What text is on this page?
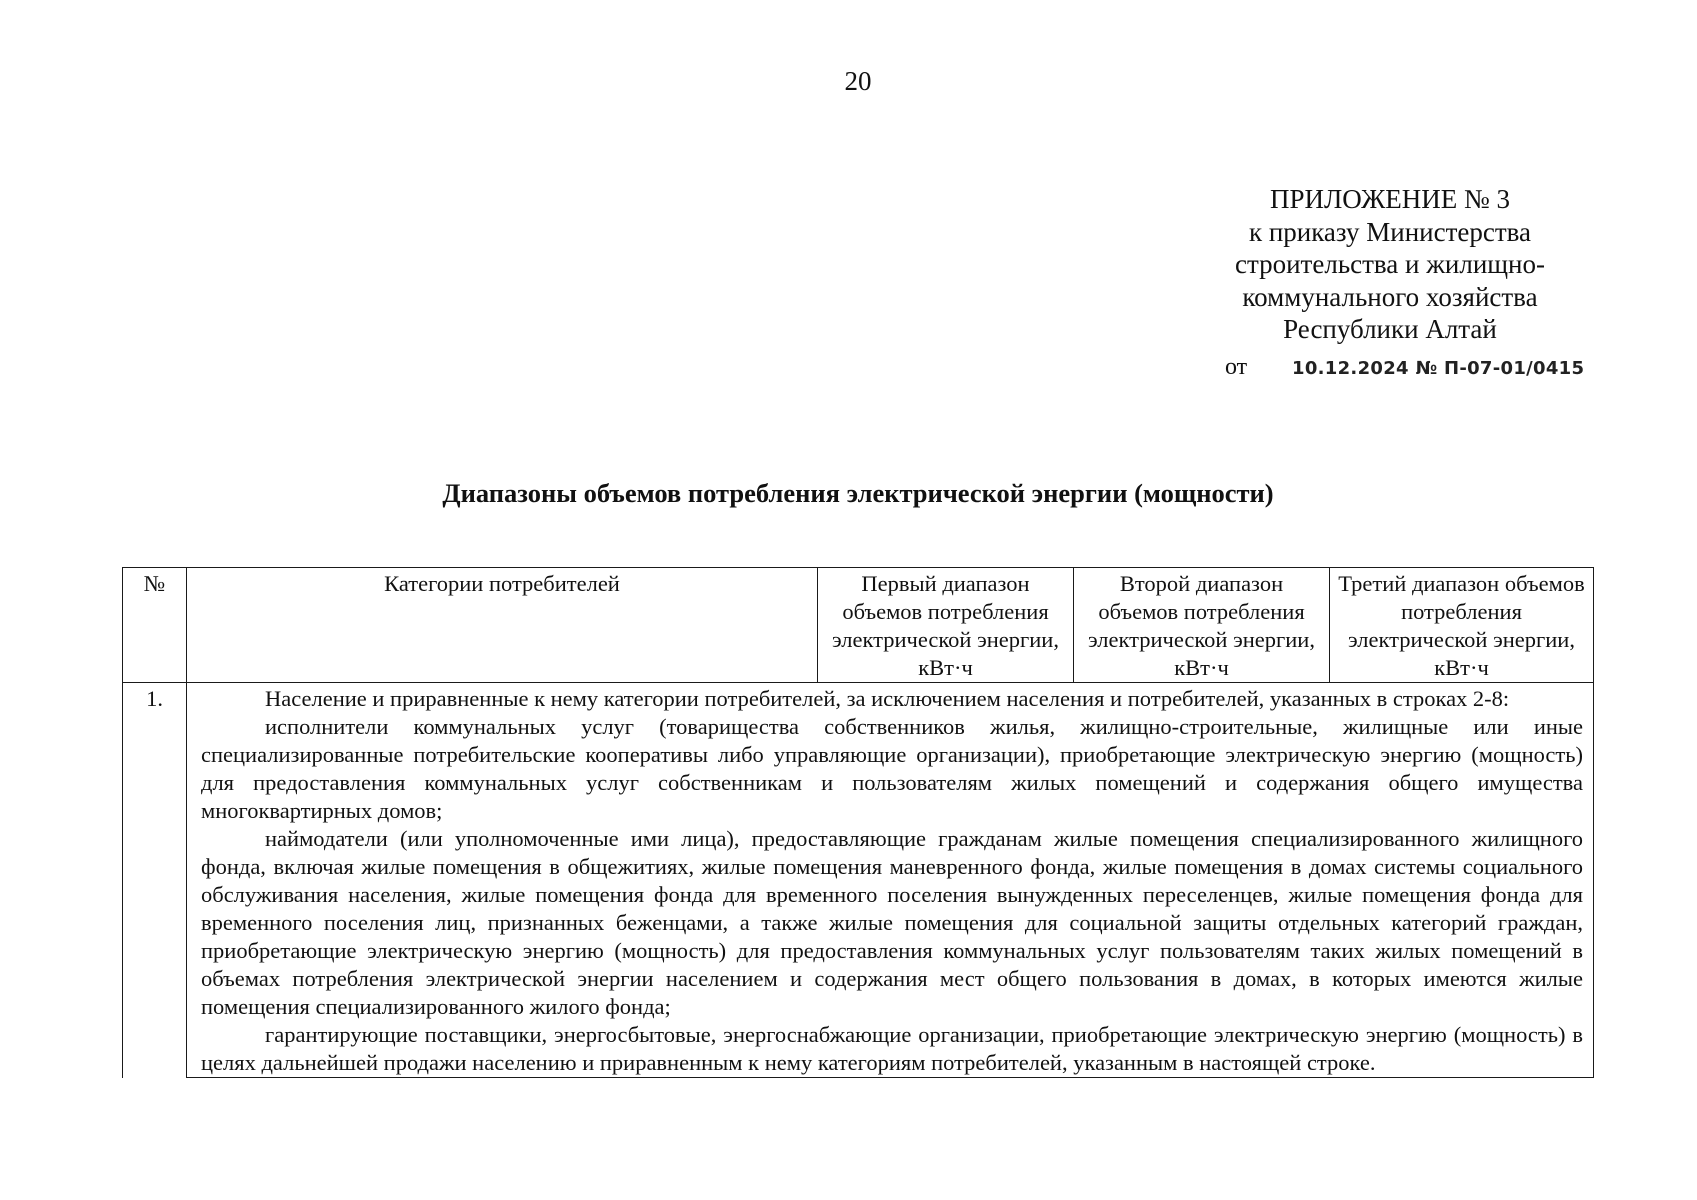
20
ПРИЛОЖЕНИЕ № 3
к приказу Министерства
строительства и жилищно-
коммунального хозяйства
Республики Алтай
от 10.12.2024 № П-07-01/0415
Диапазоны объемов потребления электрической энергии (мощности)
№	Категории потребителей	Первый диапазон объемов потребления электрической энергии, кВт·ч	Второй диапазон объемов потребления электрической энергии, кВт·ч	Третий диапазон объемов потребления электрической энергии, кВт·ч

1.	Население и приравненные к нему категории потребителей, за исключением населения и потребителей, указанных в строках 2-8:
исполнители коммунальных услуг (товарищества собственников жилья, жилищно-строительные, жилищные или иные специализированные потребительские кооперативы либо управляющие организации), приобретающие электрическую энергию (мощность) для предоставления коммунальных услуг собственникам и пользователям жилых помещений и содержания общего имущества многоквартирных домов;
наймодатели (или уполномоченные ими лица), предоставляющие гражданам жилые помещения специализированного жилищного фонда, включая жилые помещения в общежитиях, жилые помещения маневренного фонда, жилые помещения в домах системы социального обслуживания населения, жилые помещения фонда для временного поселения вынужденных переселенцев, жилые помещения фонда для временного поселения лиц, признанных беженцами, а также жилые помещения для социальной защиты отдельных категорий граждан, приобретающие электрическую энергию (мощность) для предоставления коммунальных услуг пользователям таких жилых помещений в объемах потребления электрической энергии населением и содержания мест общего пользования в домах, в которых имеются жилые помещения специализированного жилого фонда;
гарантирующие поставщики, энергосбытовые, энергоснабжающие организации, приобретающие электрическую энергию (мощность) в целях дальнейшей продажи населению и приравненным к нему категориям потребителей, указанным в настоящей строке.			
